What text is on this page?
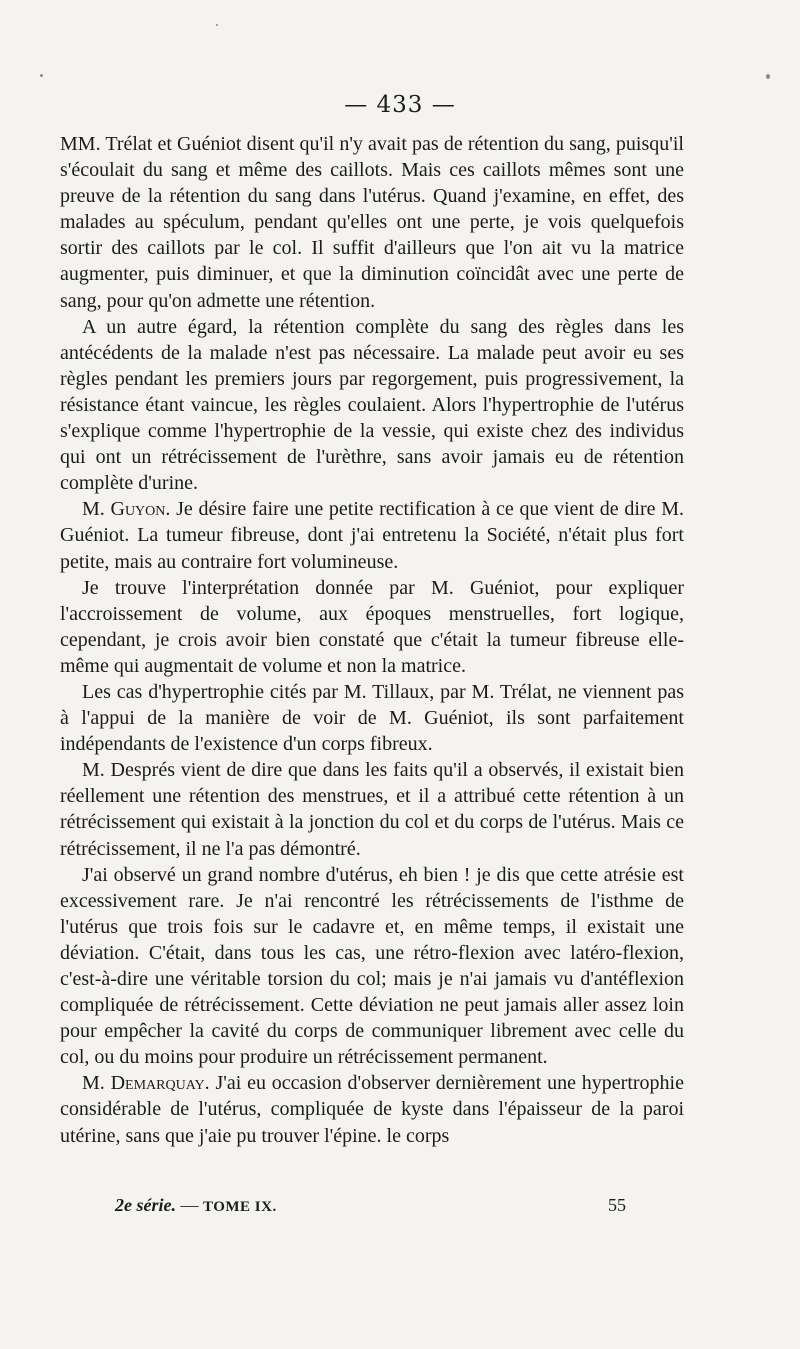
— 433 —

MM. Trélat et Guéniot disent qu'il n'y avait pas de rétention du sang, puisqu'il s'écoulait du sang et même des caillots. Mais ces caillots mêmes sont une preuve de la rétention du sang dans l'utérus. Quand j'examine, en effet, des malades au spéculum, pendant qu'elles ont une perte, je vois quelquefois sortir des caillots par le col. Il suffit d'ailleurs que l'on ait vu la matrice augmenter, puis diminuer, et que la diminution coïncidât avec une perte de sang, pour qu'on admette une rétention.

A un autre égard, la rétention complète du sang des règles dans les antécédents de la malade n'est pas nécessaire. La malade peut avoir eu ses règles pendant les premiers jours par regorgement, puis progressivement, la résistance étant vaincue, les règles coulaient. Alors l'hypertrophie de l'utérus s'explique comme l'hypertrophie de la vessie, qui existe chez des individus qui ont un rétrécissement de l'urèthre, sans avoir jamais eu de rétention complète d'urine.

M. Guyon. Je désire faire une petite rectification à ce que vient de dire M. Guéniot. La tumeur fibreuse, dont j'ai entretenu la Société, n'était plus fort petite, mais au contraire fort volumineuse.

Je trouve l'interprétation donnée par M. Guéniot, pour expliquer l'accroissement de volume, aux époques menstruelles, fort logique, cependant, je crois avoir bien constaté que c'était la tumeur fibreuse elle-même qui augmentait de volume et non la matrice.

Les cas d'hypertrophie cités par M. Tillaux, par M. Trélat, ne viennent pas à l'appui de la manière de voir de M. Guéniot, ils sont parfaitement indépendants de l'existence d'un corps fibreux.

M. Després vient de dire que dans les faits qu'il a observés, il existait bien réellement une rétention des menstrues, et il a attribué cette rétention à un rétrécissement qui existait à la jonction du col et du corps de l'utérus. Mais ce rétrécissement, il ne l'a pas démontré.

J'ai observé un grand nombre d'utérus, eh bien ! je dis que cette atrésie est excessivement rare. Je n'ai rencontré les rétrécissements de l'isthme de l'utérus que trois fois sur le cadavre et, en même temps, il existait une déviation. C'était, dans tous les cas, une rétro-flexion avec latéro-flexion, c'est-à-dire une véritable torsion du col; mais je n'ai jamais vu d'antéflexion compliquée de rétrécissement. Cette déviation ne peut jamais aller assez loin pour empêcher la cavité du corps de communiquer librement avec celle du col, ou du moins pour produire un rétrécissement permanent.

M. Demarquay. J'ai eu occasion d'observer dernièrement une hypertrophie considérable de l'utérus, compliquée de kyste dans l'épaisseur de la paroi utérine, sans que j'aie pu trouver l'épine. le corps

2e série. — TOME IX.	55
